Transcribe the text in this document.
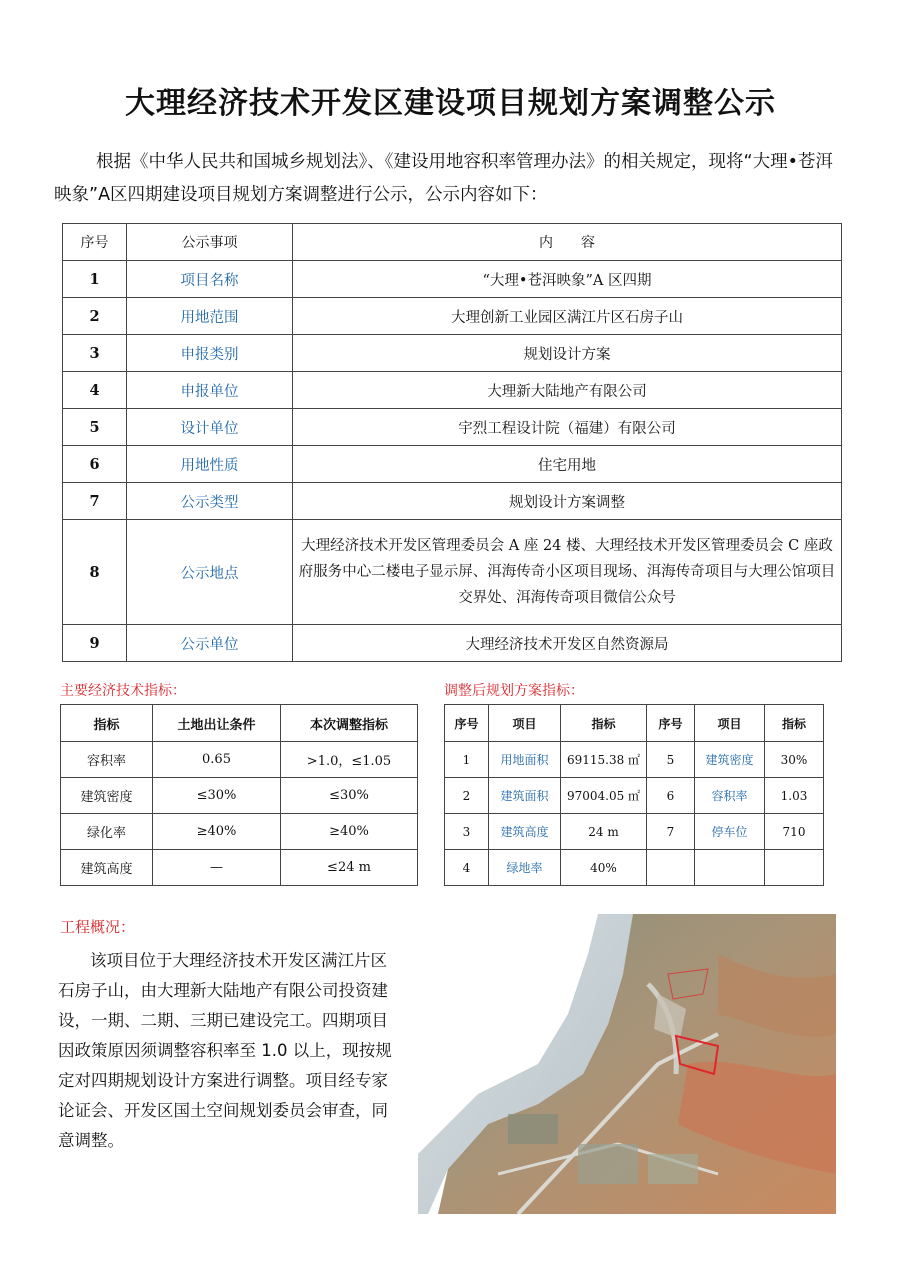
大理经济技术开发区建设项目规划方案调整公示
根据《中华人民共和国城乡规划法》、《建设用地容积率管理办法》的相关规定，现将“大理•苍洱映象”A区四期建设项目规划方案调整进行公示，公示内容如下：
序号	公示事项	内　　容
1	项目名称	“大理•苍洱映象”A 区四期
2	用地范围	大理创新工业园区满江片区石房子山
3	申报类别	规划设计方案
4	申报单位	大理新大陆地产有限公司
5	设计单位	宇烈工程设计院（福建）有限公司
6	用地性质	住宅用地
7	公示类型	规划设计方案调整
8	公示地点	大理经济技术开发区管理委员会 A 座 24 楼、大理经技术开发区管理委员会 C 座政府服务中心二楼电子显示屏、洱海传奇小区项目现场、洱海传奇项目与大理公馆项目交界处、洱海传奇项目微信公众号
9	公示单位	大理经济技术开发区自然资源局
主要经济技术指标：	调整后规划方案指标：
指标	土地出让条件	本次调整指标
容积率	0.65	>1.0，≤1.05
建筑密度	≤30%	≤30%
绿化率	≥40%	≥40%
建筑高度	—	≤24 m
序号	项目	指标	序号	项目	指标
1	用地面积	69115.38 ㎡	5	建筑密度	30%
2	建筑面积	97004.05 ㎡	6	容积率	1.03
3	建筑高度	24 m	7	停车位	710
4	绿地率	40%			
工程概况：
该项目位于大理经济技术开发区满江片区石房子山，由大理新大陆地产有限公司投资建设，一期、二期、三期已建设完工。四期项目因政策原因须调整容积率至 1.0 以上，现按规定对四期规划设计方案进行调整。项目经专家论证会、开发区国土空间规划委员会审查，同意调整。
